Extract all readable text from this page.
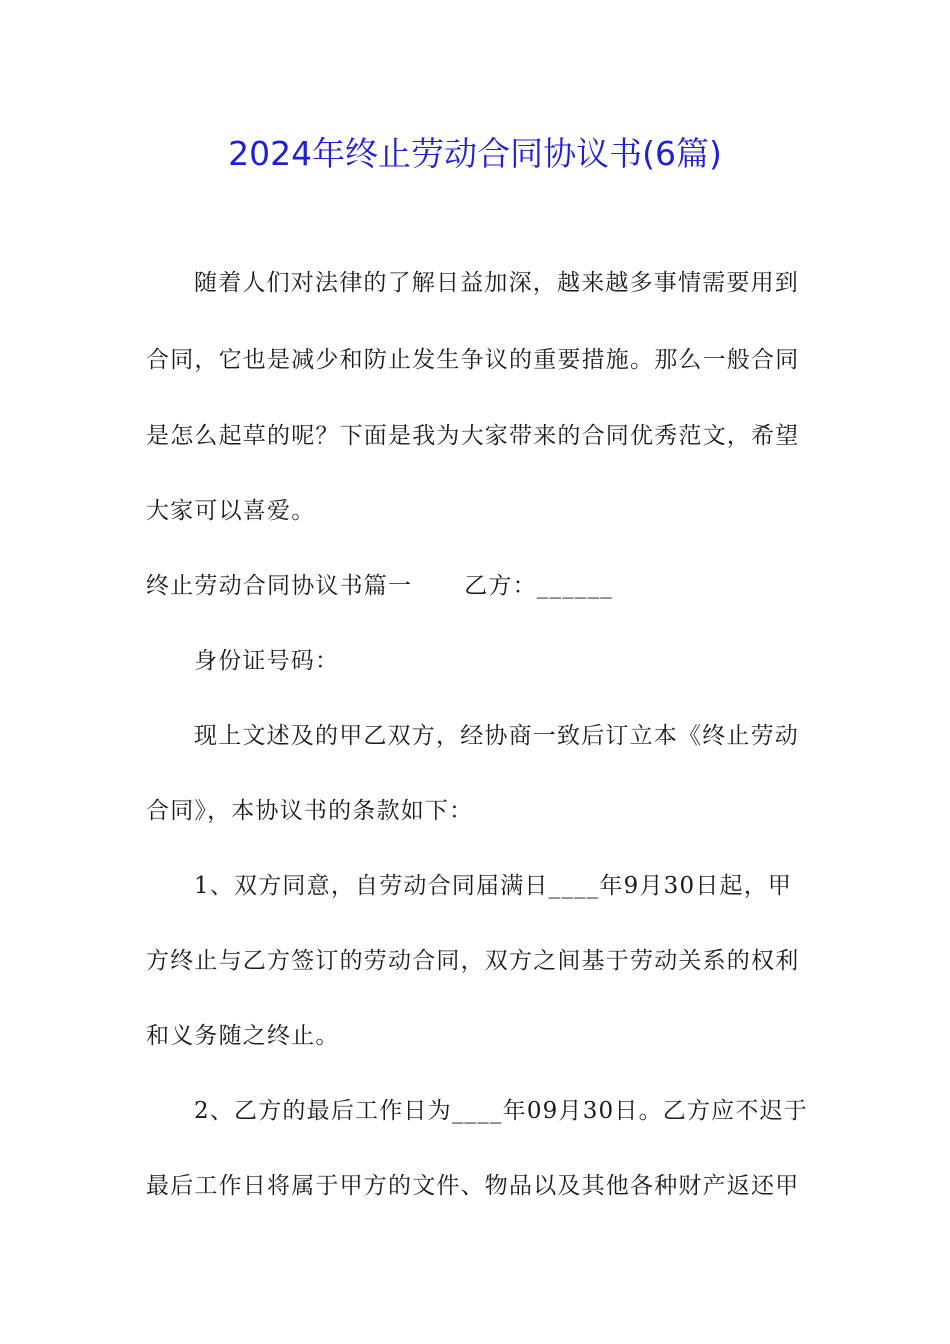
2024年终止劳动合同协议书(6篇)
随着人们对法律的了解日益加深，越来越多事情需要用到
合同，它也是减少和防止发生争议的重要措施。那么一般合同
是怎么起草的呢？下面是我为大家带来的合同优秀范文，希望
大家可以喜爱。
终止劳动合同协议书篇一 乙方：______
身份证号码：
现上文述及的甲乙双方，经协商一致后订立本《终止劳动
合同》，本协议书的条款如下：
1、双方同意，自劳动合同届满日____年9月30日起，甲
方终止与乙方签订的劳动合同，双方之间基于劳动关系的权利
和义务随之终止。
2、乙方的最后工作日为____年09月30日。乙方应不迟于
最后工作日将属于甲方的文件、物品以及其他各种财产返还甲
